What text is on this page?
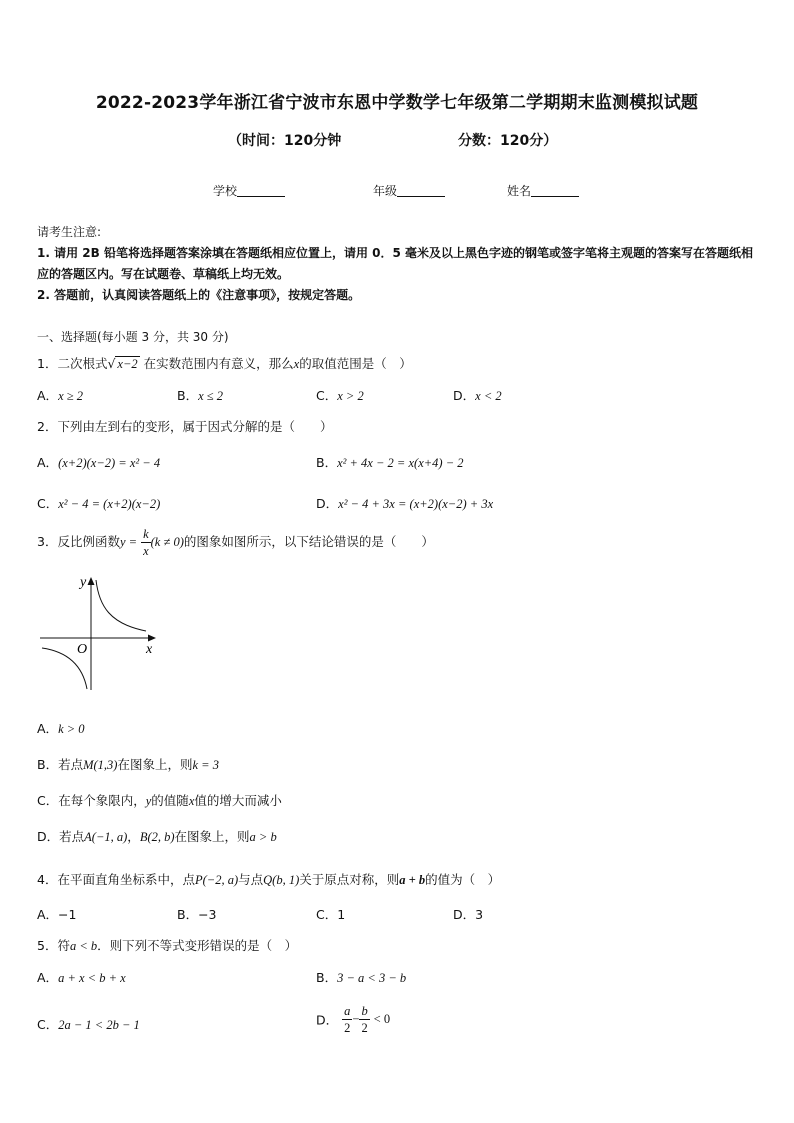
2022-2023学年浙江省宁波市东恩中学数学七年级第二学期期末监测模拟试题
（时间：120分钟	分数：120分）
学校	年级	姓名
请考生注意:
1. 请用 2B 铅笔将选择题答案涂填在答题纸相应位置上，请用 0．5 毫米及以上黑色字迹的钢笔或签字笔将主观题的答案写在答题纸相应的答题区内。写在试题卷、草稿纸上均无效。
2. 答题前，认真阅读答题纸上的《注意事项》，按规定答题。
一、选择题(每小题 3 分，共 30 分)
1．二次根式√ x−2 在实数范围内有意义，那么x的取值范围是（　）
A．x ≥ 2	B．x ≤ 2	C．x > 2	D．x < 2
2．下列由左到右的变形，属于因式分解的是（　　）
A．(x+2)(x−2) = x² − 4	B．x² + 4x − 2 = x(x+4) − 2
C．x² − 4 = (x+2)(x−2)	D．x² − 4 + 3x = (x+2)(x−2) + 3x
3．反比例函数$y = \frac{k}{x} (k \ne 0)$的图象如图所示，以下结论错误的是（　　）
y
x
O
A．k > 0
B．若点M(1,3)在图象上，则k = 3
C．在每个象限内，y的值随x值的增大而减小
D．若点A(−1, a)，B(2, b)在图象上，则a > b
4．在平面直角坐标系中，点P(−2, a)与点Q(b, 1)关于原点对称，则a + b的值为（　）
A．−1	B．−3	C．1	D．3
5．符a < b．则下列不等式变形错误的是（　）
A．a + x < b + x	B．3 − a < 3 − b
C．2a − 1 < 2b − 1	D． $\frac{a}{2} - \frac{b}{2} < 0$
